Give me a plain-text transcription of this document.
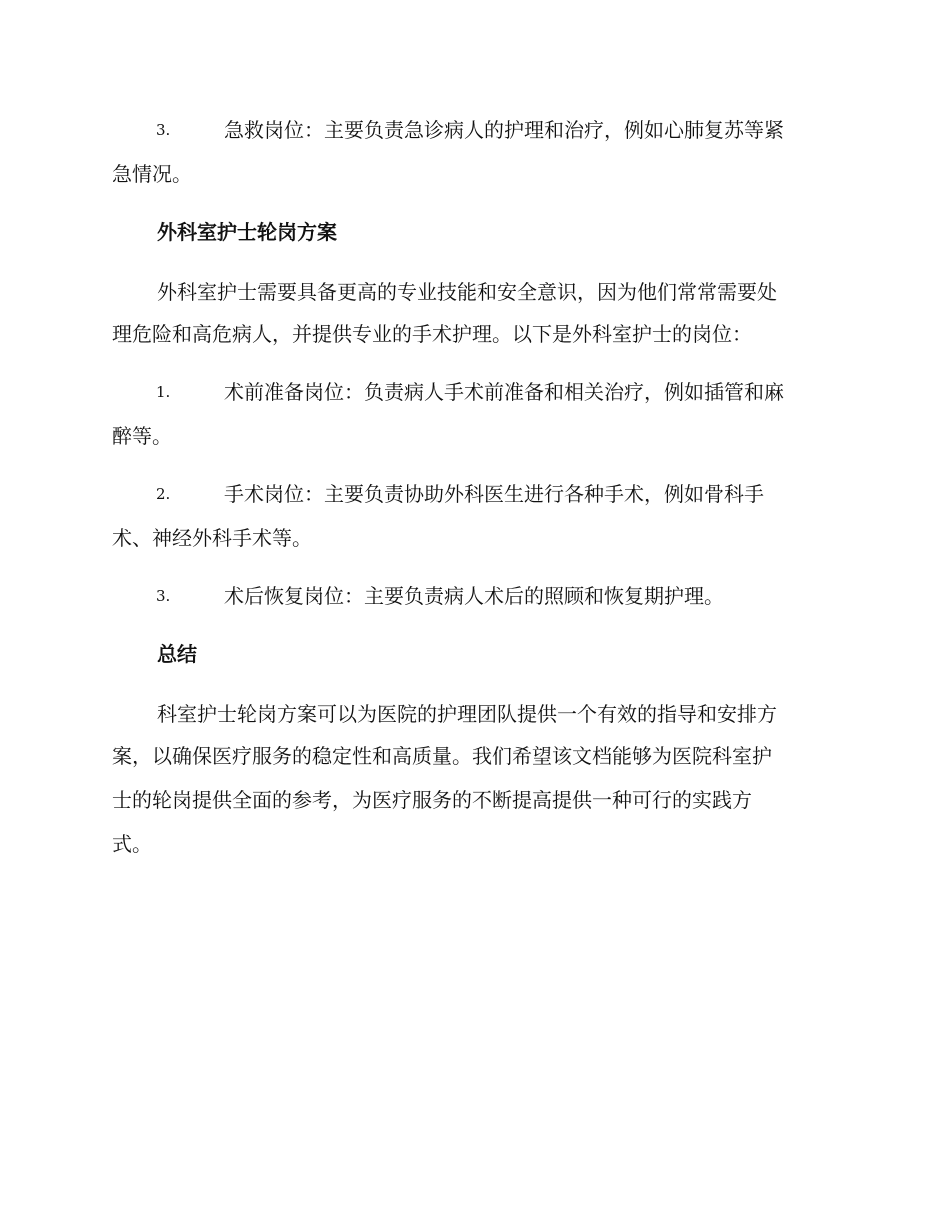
3.	急救岗位：主要负责急诊病人的护理和治疗，例如心肺复苏等紧
急情况。
外科室护士轮岗方案
外科室护士需要具备更高的专业技能和安全意识，因为他们常常需要处
理危险和高危病人，并提供专业的手术护理。以下是外科室护士的岗位：
1.	术前准备岗位：负责病人手术前准备和相关治疗，例如插管和麻
醉等。
2.	手术岗位：主要负责协助外科医生进行各种手术，例如骨科手
术、神经外科手术等。
3.	术后恢复岗位：主要负责病人术后的照顾和恢复期护理。
总结
科室护士轮岗方案可以为医院的护理团队提供一个有效的指导和安排方
案，以确保医疗服务的稳定性和高质量。我们希望该文档能够为医院科室护
士的轮岗提供全面的参考，为医疗服务的不断提高提供一种可行的实践方
式。
